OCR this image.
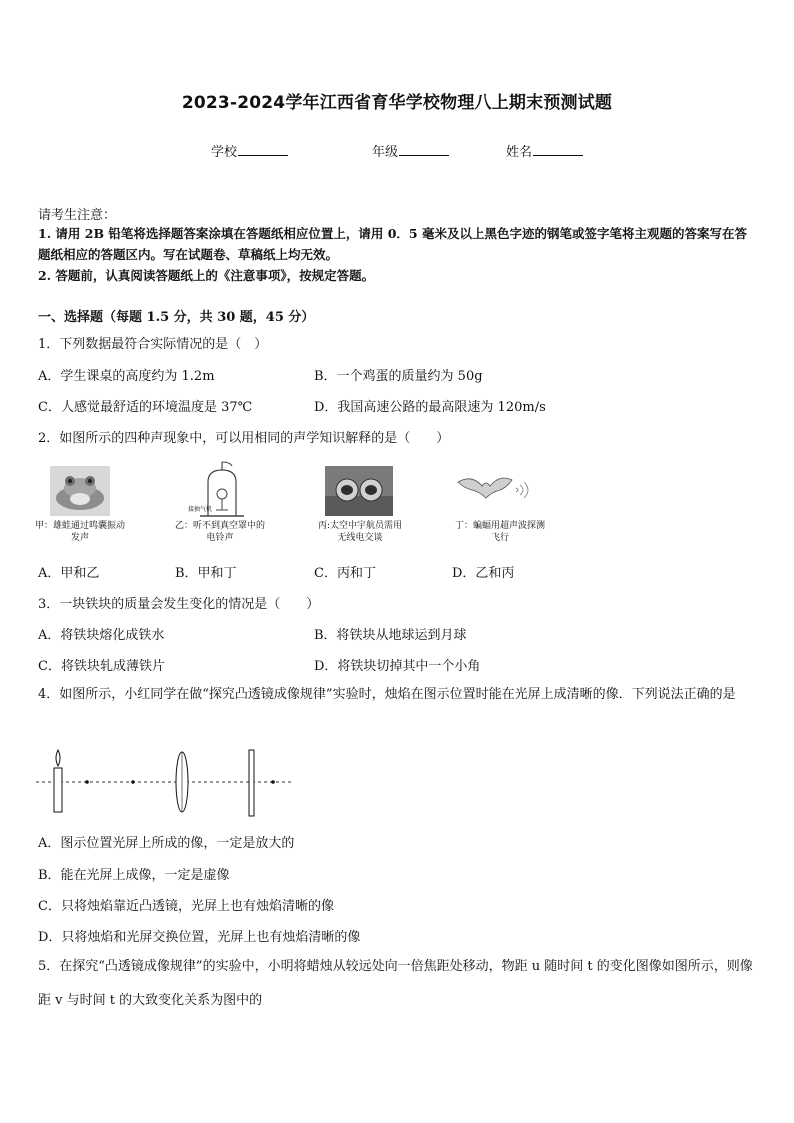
2023-2024学年江西省育华学校物理八上期末预测试题
学校	年级	姓名
请考生注意：
1. 请用 2B 铅笔将选择题答案涂填在答题纸相应位置上，请用 0．5 毫米及以上黑色字迹的钢笔或签字笔将主观题的答案写在答题纸相应的答题区内。写在试题卷、草稿纸上均无效。
2. 答题前，认真阅读答题纸上的《注意事项》，按规定答题。
一、选择题（每题 1.5 分，共 30 题，45 分）
1．下列数据最符合实际情况的是（　）
A．学生课桌的高度约为 1.2m	B．一个鸡蛋的质量约为 50g
C．人感觉最舒适的环境温度是 37℃	D．我国高速公路的最高限速为 120m/s
2．如图所示的四种声现象中，可以用相同的声学知识解释的是（　　）
甲：雄蛙通过鸣囊振动发声
接抽气机
乙：听不到真空罩中的电铃声
丙:太空中宇航员需用无线电交谈
丁：蝙蝠用超声波探测飞行
A．甲和乙	B．甲和丁	C．丙和丁	D．乙和丙
3．一块铁块的质量会发生变化的情况是（　　）
A．将铁块熔化成铁水	B．将铁块从地球运到月球
C．将铁块轧成薄铁片	D．将铁块切掉其中一个小角
4．如图所示，小红同学在做“探究凸透镜成像规律”实验时，烛焰在图示位置时能在光屏上成清晰的像．下列说法正确的是
A．图示位置光屏上所成的像，一定是放大的
B．能在光屏上成像，一定是虚像
C．只将烛焰靠近凸透镜，光屏上也有烛焰清晰的像
D．只将烛焰和光屏交换位置，光屏上也有烛焰清晰的像
5．在探究“凸透镜成像规律”的实验中，小明将蜡烛从较远处向一倍焦距处移动，物距 u 随时间 t 的变化图像如图所示，则像距 v 与时间 t 的大致变化关系为图中的
